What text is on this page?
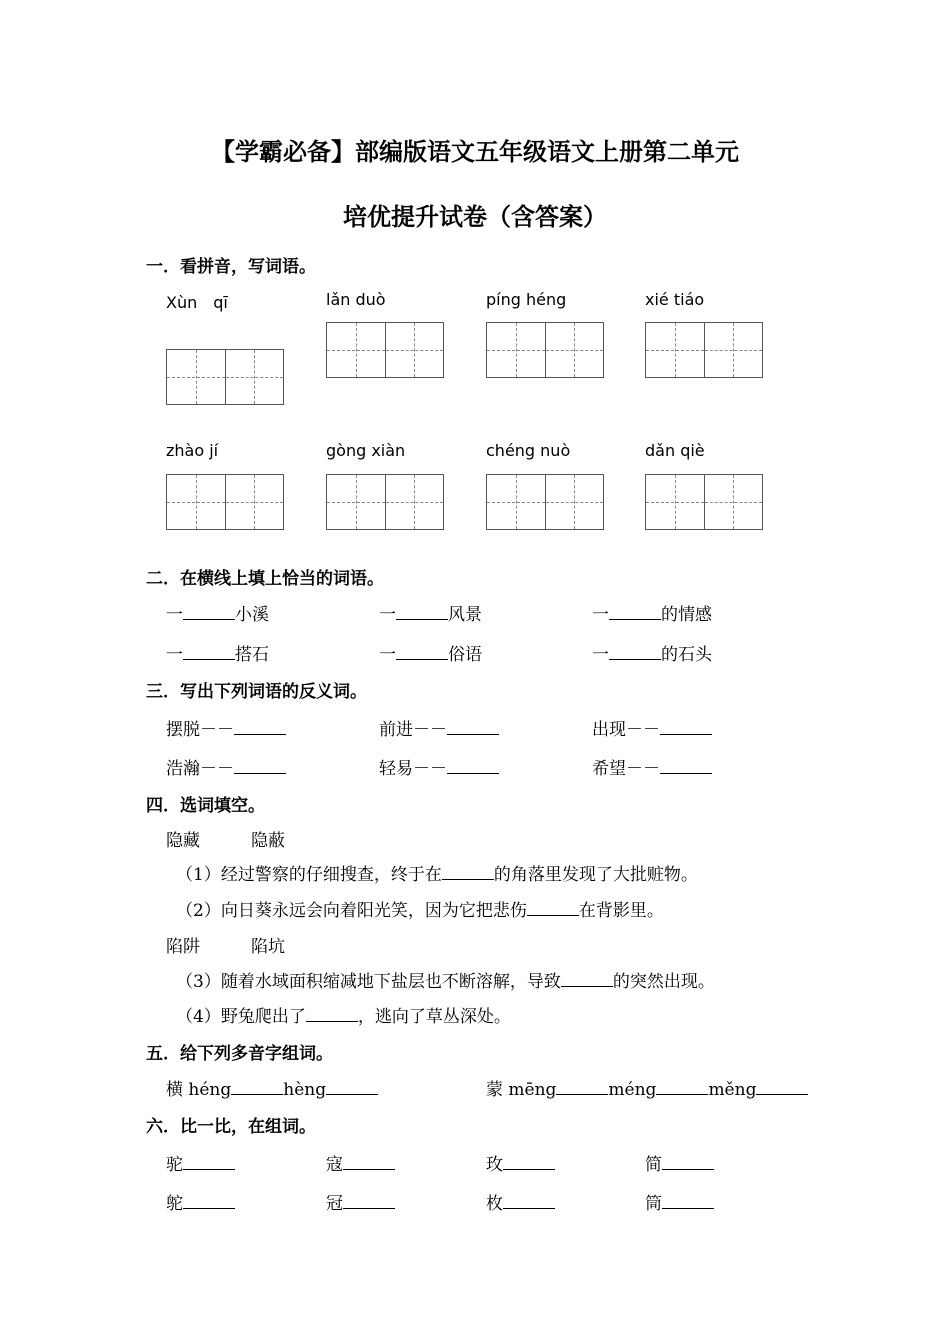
【学霸必备】部编版语文五年级语文上册第二单元
培优提升试卷（含答案）
一．看拼音，写词语。
Xùn　qī	lǎn duò	píng héng	xié tiáo
zhào jí	gòng xiàn	chéng nuò	dǎn qiè
二．在横线上填上恰当的词语。
一	小溪	一	风景	一	的情感
一	搭石	一	俗语	一	的石头
三．写出下列词语的反义词。
摆脱－－	前进－－	出现－－
浩瀚－－	轻易－－	希望－－
四．选词填空。
隐藏　　　隐蔽
（1）经过警察的仔细搜查，终于在	的角落里发现了大批赃物。
（2）向日葵永远会向着阳光笑，因为它把悲伤	在背影里。
陷阱　　　陷坑
（3）随着水域面积缩减地下盐层也不断溶解，导致	的突然出现。
（4）野兔爬出了	，逃向了草丛深处。
五．给下列多音字组词。
横 héng	hèng	蒙 mēng	méng	měng
六．比一比，在组词。
驼	寇	玫	简
鸵	冠	枚	筒
